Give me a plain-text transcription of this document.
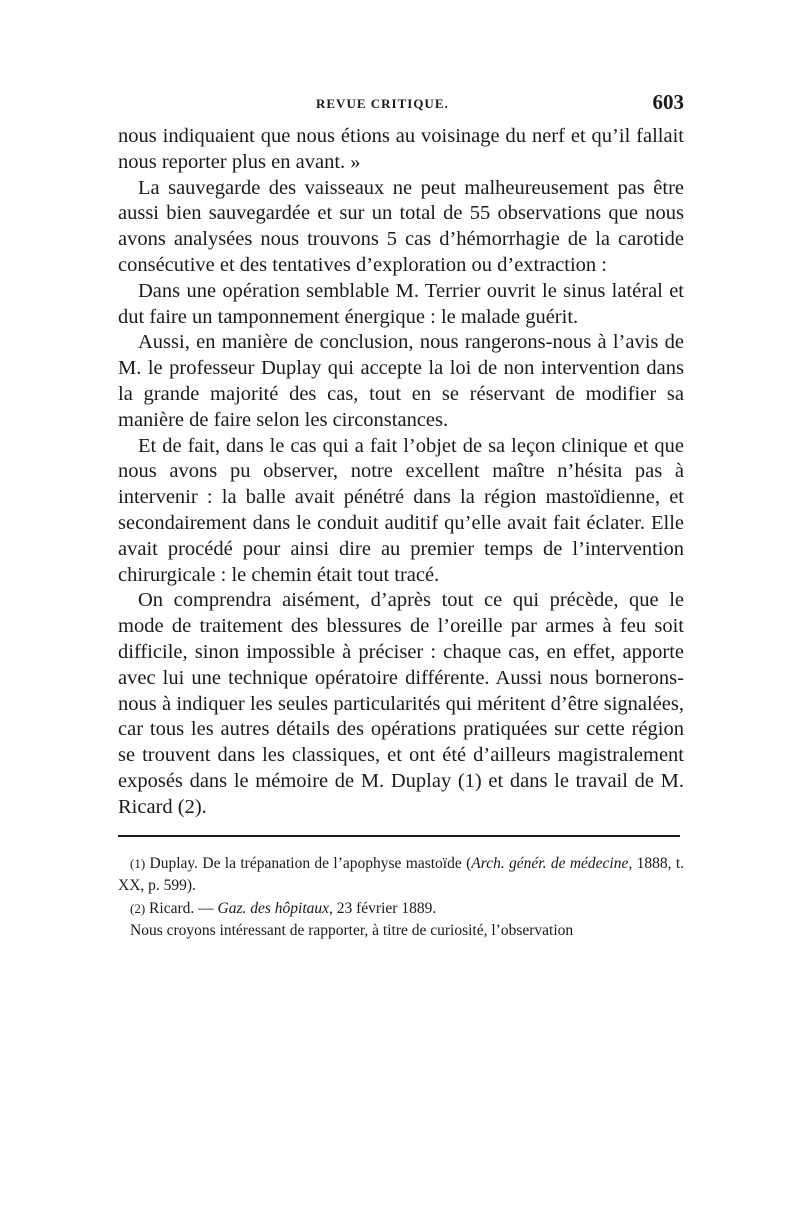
REVUE CRITIQUE.	603

nous indiquaient que nous étions au voisinage du nerf et qu’il fallait nous reporter plus en avant. »

La sauvegarde des vaisseaux ne peut malheureusement pas être aussi bien sauvegardée et sur un total de 55 observations que nous avons analysées nous trouvons 5 cas d’hémorrhagie de la carotide consécutive et des tentatives d’exploration ou d’extraction :

Dans une opération semblable M. Terrier ouvrit le sinus latéral et dut faire un tamponnement énergique : le malade guérit.

Aussi, en manière de conclusion, nous rangerons-nous à l’avis de M. le professeur Duplay qui accepte la loi de non intervention dans la grande majorité des cas, tout en se réservant de modifier sa manière de faire selon les circonstances.

Et de fait, dans le cas qui a fait l’objet de sa leçon clinique et que nous avons pu observer, notre excellent maître n’hésita pas à intervenir : la balle avait pénétré dans la région mastoïdienne, et secondairement dans le conduit auditif qu’elle avait fait éclater. Elle avait procédé pour ainsi dire au premier temps de l’intervention chirurgicale : le chemin était tout tracé.

On comprendra aisément, d’après tout ce qui précède, que le mode de traitement des blessures de l’oreille par armes à feu soit difficile, sinon impossible à préciser : chaque cas, en effet, apporte avec lui une technique opératoire différente. Aussi nous bornerons-nous à indiquer les seules particularités qui méritent d’être signalées, car tous les autres détails des opérations pratiquées sur cette région se trouvent dans les classiques, et ont été d’ailleurs magistralement exposés dans le mémoire de M. Duplay (1) et dans le travail de M. Ricard (2).

(1) Duplay. De la trépanation de l’apophyse mastoïde (Arch. génér. de médecine, 1888, t. XX, p. 599).

(2) Ricard. — Gaz. des hôpitaux, 23 février 1889.

Nous croyons intéressant de rapporter, à titre de curiosité, l’observation
